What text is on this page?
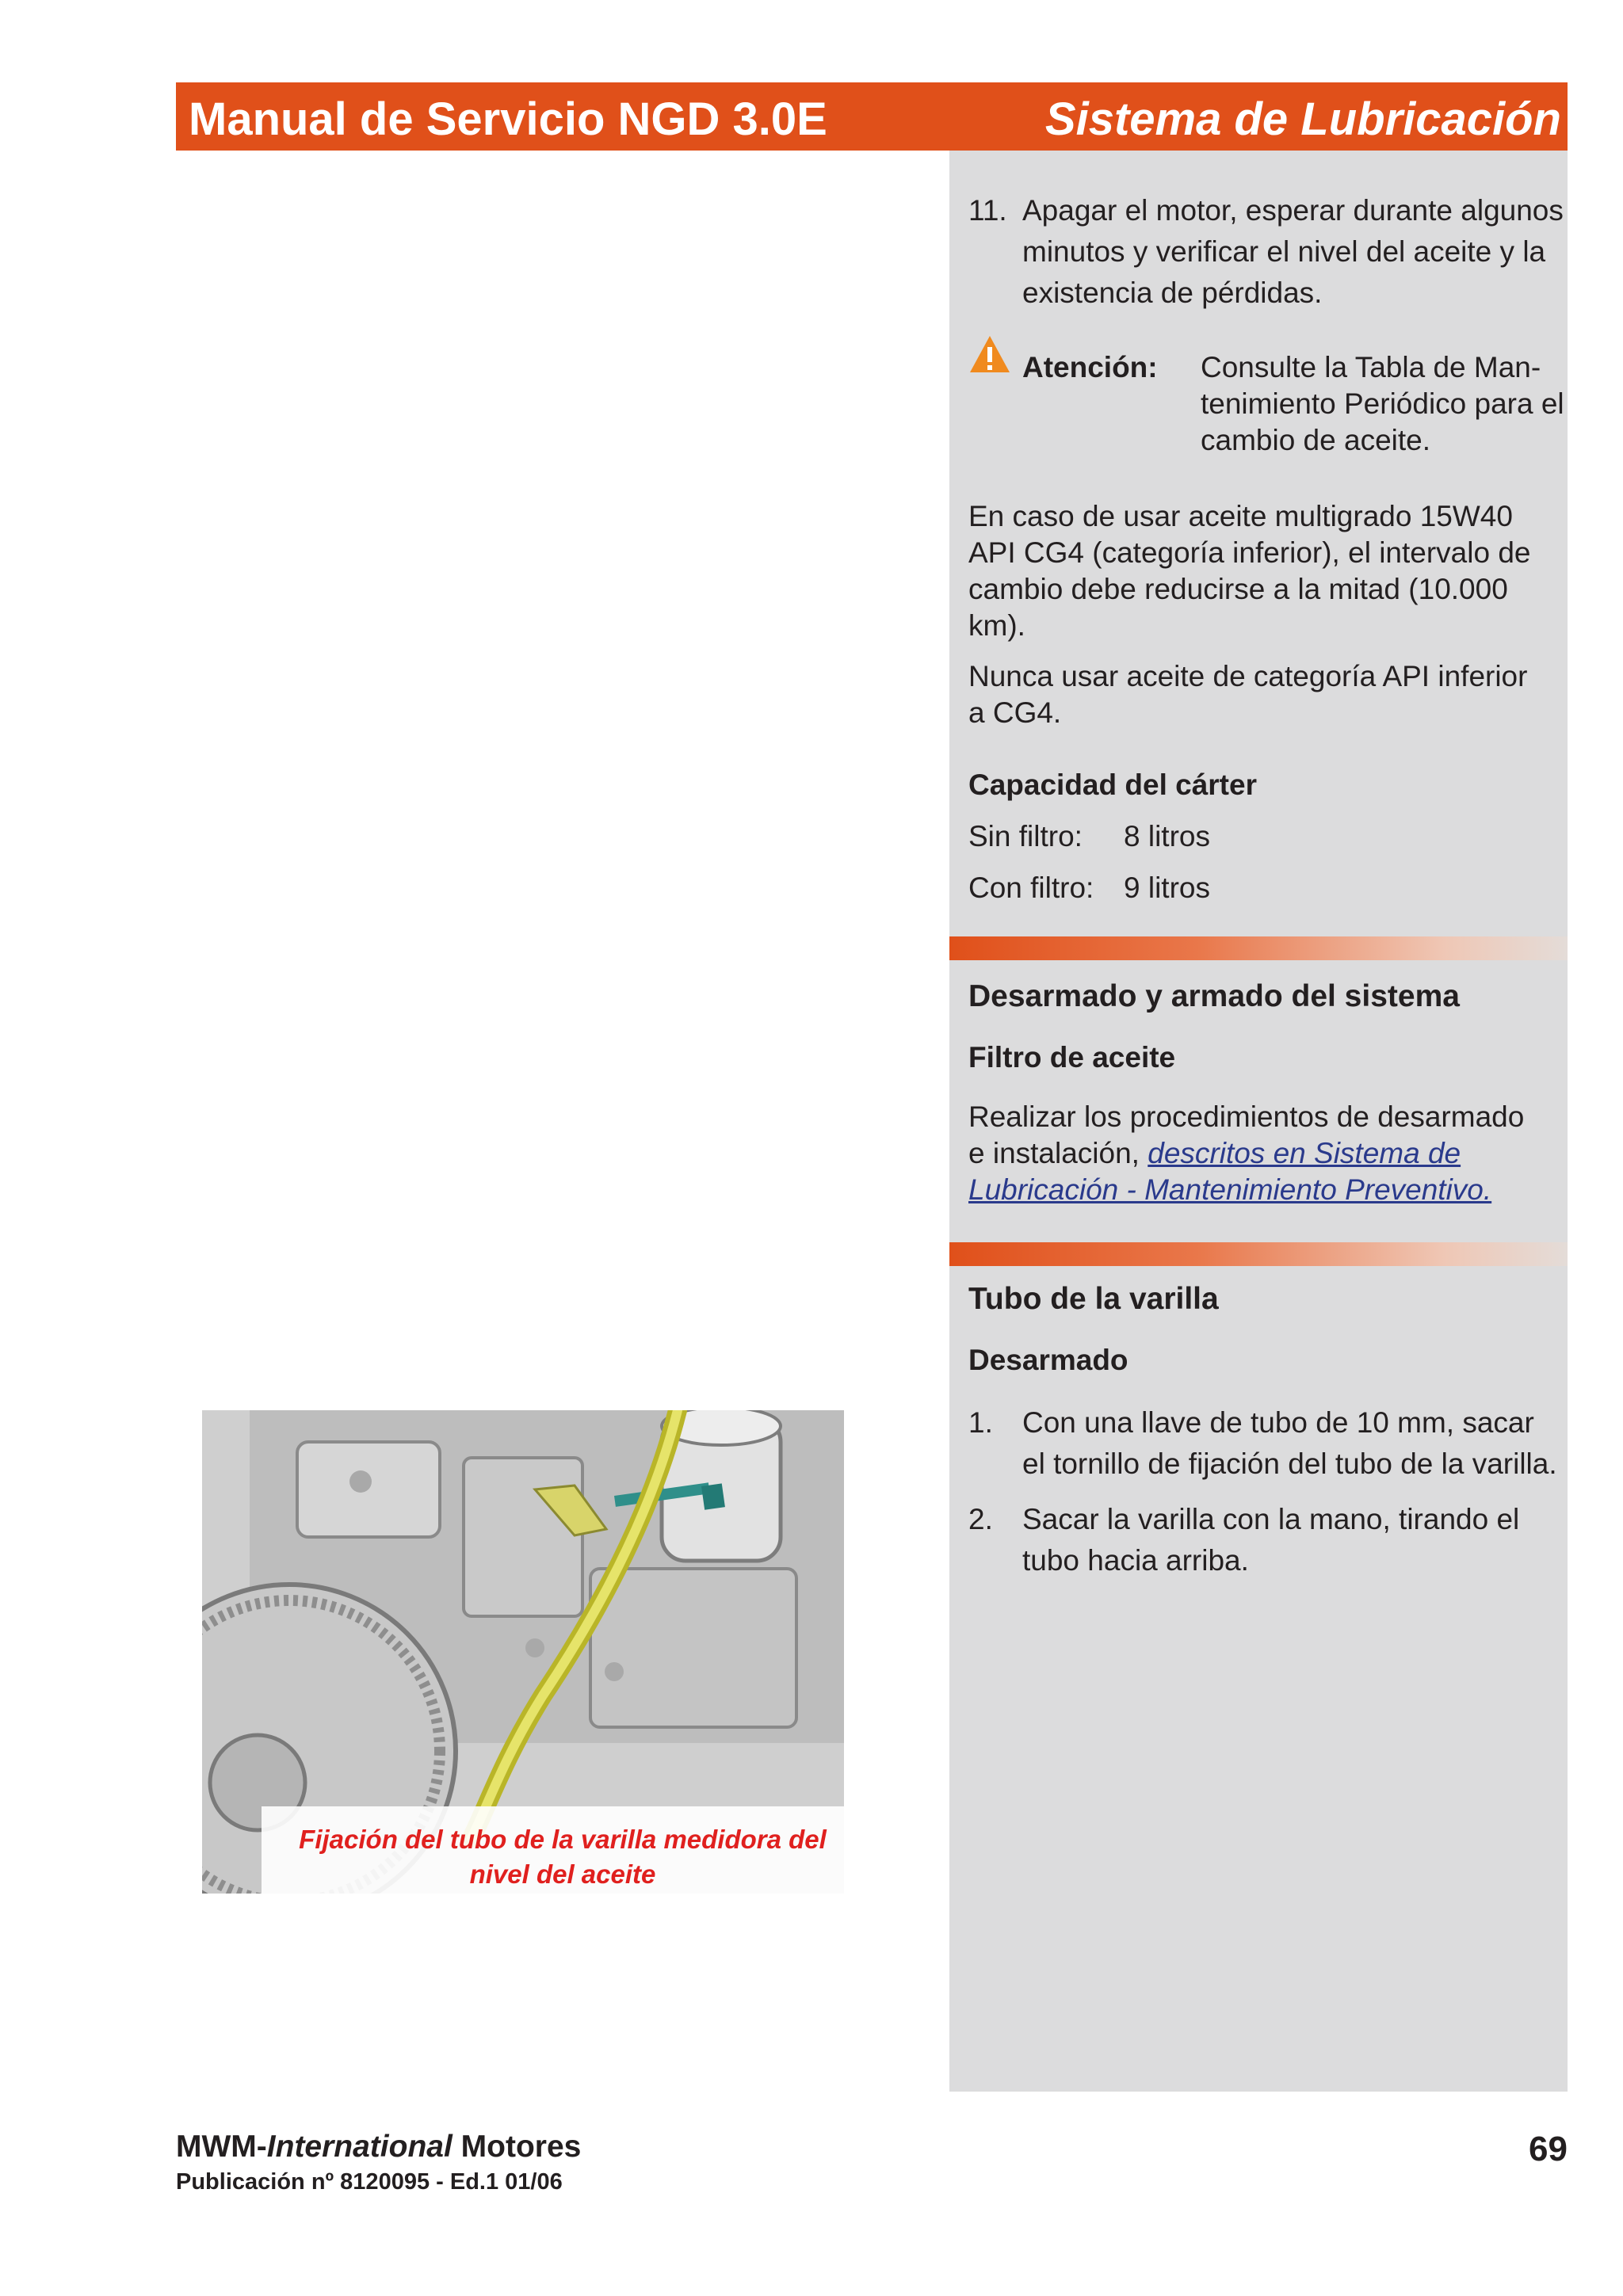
Manual de Servicio NGD 3.0E	Sistema de Lubricación
11. Apagar el motor, esperar durante algunos
minutos y verificar el nivel del aceite y la
existencia de pérdidas.
Atención: Consulte la Tabla de Man-
tenimiento Periódico para el
cambio de aceite.
En caso de usar aceite multigrado 15W40
API CG4 (categoría inferior), el intervalo de
cambio debe reducirse a la mitad (10.000
km).
Nunca usar aceite de categoría API inferior
a CG4.
Capacidad del cárter
Sin filtro: 8 litros
Con filtro: 9 litros
Desarmado y armado del sistema
Filtro de aceite
Realizar los procedimientos de desarmado
e instalación, descritos en Sistema de
Lubricación - Mantenimiento Preventivo.
Tubo de la varilla
Desarmado
1. Con una llave de tubo de 10 mm, sacar
el tornillo de fijación del tubo de la varilla.
2. Sacar la varilla con la mano, tirando el
tubo hacia arriba.
Fijación del tubo de la varilla medidora del
nivel del aceite
MWM-International Motores
Publicación nº 8120095 - Ed.1 01/06
69
